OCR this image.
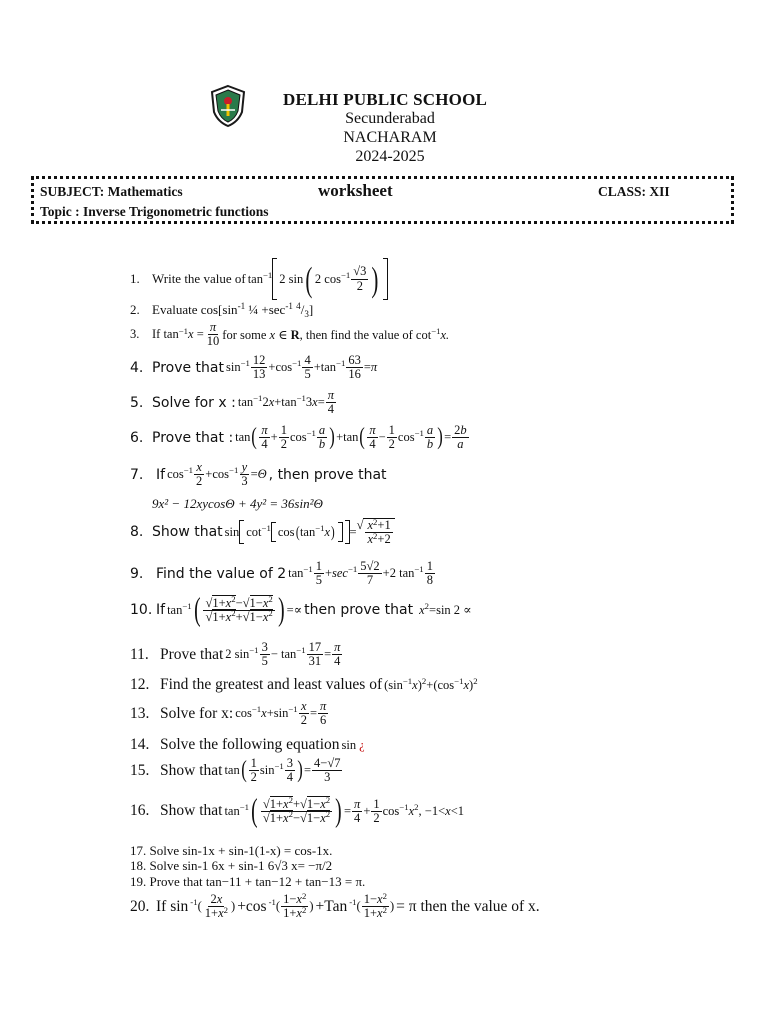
DELHI PUBLIC SCHOOL
Secunderabad
NACHARAM
2024-2025
SUBJECT: Mathematics	worksheet	CLASS: XII
Topic : Inverse Trigonometric functions
1. Write the value of tan −1 2 sin ( 2 $\cos -1 \frac{√3}{2}$ )
2. Evaluate $\cos[\sin^{-1}$ ¼ $+\sec^{-1}$ $^4/_3$]
3.	If $\tan^{-1}x = \frac{\pi}{10}$ for some x ∈ R, then find the value of $\cot^{-1}x$.
4. Prove that $\sin -1 \frac{12}{13} +\cos -1 \frac{4}{5} +\tan -1 \frac{63}{16} = \pi$
5. Solve for x : tan −1 2 x +tan −1 3 $x = \frac{\pi}{4}$
6. Prove that : tan ( $\frac{\pi}{4} + \frac{1}{2}$ $\cos -1 \frac{a}{b}$ ) +tan ( $\frac{\pi}{4} - \frac{1}{2}$ $\cos -1 \frac{a}{b}$ ) = $\frac{2b}{a}$
7. If $\cos -1 \frac{x}{2} +\cos -1 \frac{y}{3} = \Theta$ , then prove that
9x² − 12xycosΘ + 4y² = 36sin²Θ
8. Show that sin cot −1 cos ( tan −1 x ) = √ $\frac{x^2+1}{x^2+2}$
9. Find the value of 2 $\tan -1 \frac{1}{5} + \sec -1 \frac{5√2}{7} +2$ $\tan -1 \frac{1}{8}$
10. If tan −1 ( $\frac{√1+x^2-√1-x^2}{√1+x^2+√1-x^2}$ ) =∝ then prove that x 2 =sin 2 ∝
11. Prove that 2 $\sin -1 \frac{3}{5} - \tan -1 \frac{17}{31} = \frac{\pi}{4}$
12. Find the greatest and least values of (sin −1 x ) 2 +(cos −1 x ) 2
13. Solve for x: cos −1 $x +\sin -1 \frac{x}{2} = \frac{\pi}{6}$
14. Solve the following equation sin ¿
15. Show that tan ( $\frac{1}{2}$ $\sin -1 \frac{3}{4}$ ) = $\frac{4-√7}{3}$
16. Show that tan −1 ( $\frac{√1+x^2+√1-x^2}{√1+x^2-√1-x^2}$ ) = $\frac{\pi}{4} + \frac{1}{2}$ cos −1 x 2 , −1< x <1
17. Solve sin-1x + sin-1(1-x) = cos-1x.
18. Solve sin-1 6x + sin-1 6√3 x= −π/2
19. Prove that tan−11 + tan−12 + tan−13 = π.
20. If sin -1 ( $\frac{2x}{1+x^2}$ ) +cos -1 ( $\frac{1-x^2}{1+x^2}$ ) +Tan -1 ( $\frac{1-x^2}{1+x^2}$ ) = π then the value of x.
